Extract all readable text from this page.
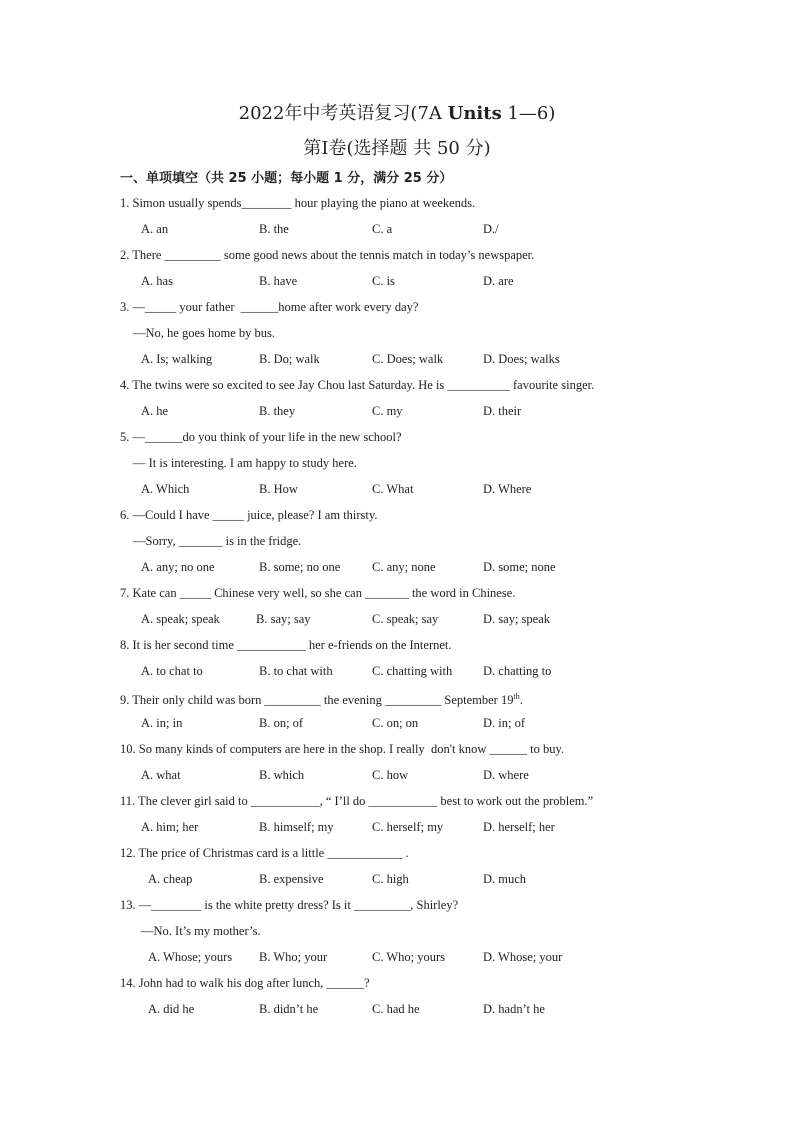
2022年中考英语复习(7A Units 1—6)
第Ⅰ卷(选择题 共 50 分)
一、单项填空（共 25 小题；每小题 1 分，满分 25 分）
1. Simon usually spends________ hour playing the piano at weekends.
A. an	B. the	C. a	D./
2. There _________ some good news about the tennis match in today’s newspaper.
A. has	B. have	C. is	D. are
3. —_____ your father  ______home after work every day?
—No, he goes home by bus.
A. Is; walking	B. Do; walk	C. Does; walk	D. Does; walks
4. The twins were so excited to see Jay Chou last Saturday. He is __________ favourite singer.
A. he	B. they	C. my	D. their
5. —______do you think of your life in the new school?
— It is interesting. I am happy to study here.
A. Which	B. How	C. What	D. Where
6. —Could I have _____ juice, please? I am thirsty.
—Sorry, _______ is in the fridge.
A. any; no one	B. some; no one	C. any; none	D. some; none
7. Kate can _____ Chinese very well, so she can _______ the word in Chinese.
A. speak; speak	B. say; say	C. speak; say	D. say; speak
8. It is her second time ___________ her e-friends on the Internet.
A. to chat to	B. to chat with	C. chatting with D. chatting to
9. Their only child was born _________ the evening _________ September 19th.
A. in; in	B. on; of	C. on; on	D. in; of
10. So many kinds of computers are here in the shop. I really  don't know ______ to buy.
A. what	B. which	C. how	D. where
11. The clever girl said to ___________, “ I’ll do ___________ best to work out the problem.”
A. him; her	B. himself; my	C. herself; my	D. herself; her
12. The price of Christmas card is a little ____________ .
A. cheap	B. expensive	C. high	D. much
13. —________ is the white pretty dress? Is it _________, Shirley?
—No. It’s my mother’s.
A. Whose; yours B. Who; your	C. Who; yours	D. Whose; your
14. John had to walk his dog after lunch, ______?
A. did he	B. didn’t he	C. had he	D. hadn’t he
